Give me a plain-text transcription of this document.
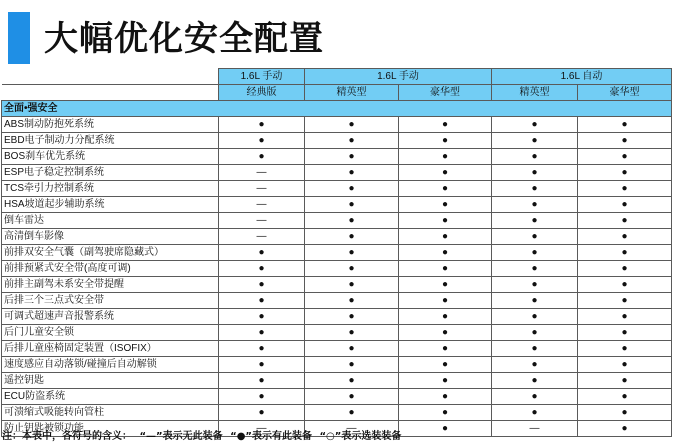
大幅优化安全配置
	1.6L 手动	1.6L 手动		1.6L 自动	
	经典版	精英型	豪华型	精英型	豪华型
全面•强安全					
ABS制动防抱死系统	●	●	●	●	●
EBD电子制动力分配系统	●	●	●	●	●
BOS刹车优先系统	●	●	●	●	●
ESP电子稳定控制系统	—	●	●	●	●
TCS牵引力控制系统	—	●	●	●	●
HSA坡道起步辅助系统	—	●	●	●	●
倒车雷达	—	●	●	●	●
高清倒车影像	—	●	●	●	●
前排双安全气囊（副驾驶席隐藏式）	●	●	●	●	●
前排预紧式安全带(高度可调)	●	●	●	●	●
前排主副驾未系安全带提醒	●	●	●	●	●
后排三个三点式安全带	●	●	●	●	●
可调式超速声音报警系统	●	●	●	●	●
后门儿童安全锁	●	●	●	●	●
后排儿童座椅固定装置（ISOFIX）	●	●	●	●	●
速度感应自动落锁/碰撞后自动解锁	●	●	●	●	●
遥控钥匙	●	●	●	●	●
ECU防盗系统	●	●	●	●	●
可溃缩式吸能转向管柱	●	●	●	●	●
防止钥匙被锁功能	—	—	●	—	●
注：本表中，各符号的含义： “—”表示无此装备 “●”表示有此装备 “○”表示选装装备
